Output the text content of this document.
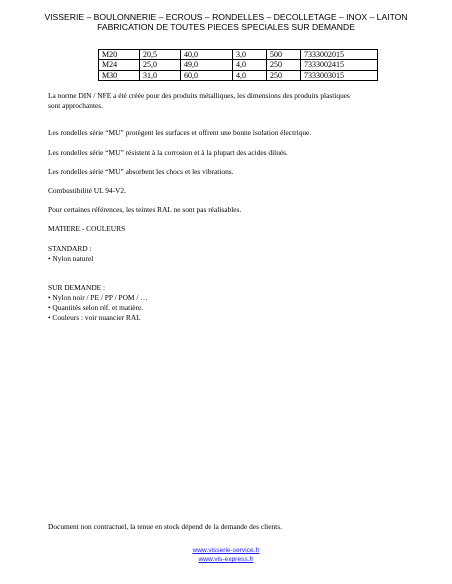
VISSERIE – BOULONNERIE – ECROUS – RONDELLES – DECOLLETAGE – INOX – LAITON
FABRICATION DE TOUTES PIECES SPECIALES SUR DEMANDE
M20	20,5	40,0	3,0	500	7333002015
M24	25,0	49,0	4,0	250	7333002415
M30	31,0	60,0	4,0	250	7333003015
La norme DIN / NFE a été créée pour des produits métalliques, les dimensions des produits plastiques
sont approchantes.
Les rondelles série “MU” protègent les surfaces et offrent une bonne isolation électrique.
Les rondelles série “MU” résistent à la corrosion et à la plupart des acides dilués.
Les rondelles série “MU” absorbent les chocs et les vibrations.
Combustibilité UL 94-V2.
Pour certaines références, les teintes RAL ne sont pas réalisables.
MATIERE - COULEURS
STANDARD :
• Nylon naturel
SUR DEMANDE :
• Nylon noir / PE / PP / POM / …
• Quantités selon réf. et matière.
• Couleurs : voir nuancier RAL
Document non contractuel, la tenue en stock dépend de la demande des clients.
www.visserie-service.fr
www.vis-express.fr
